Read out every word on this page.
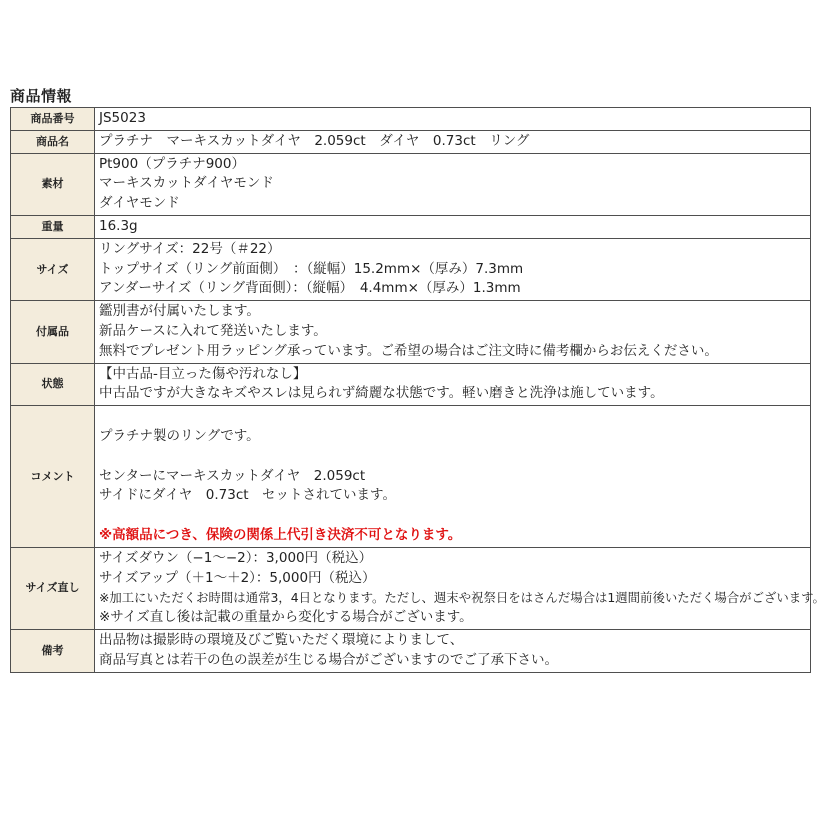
商品情報
商品番号	JS5023

商品名	プラチナ　マーキスカットダイヤ　2.059ct　ダイヤ　0.73ct　リング

素材	Pt900（プラチナ900）
マーキスカットダイヤモンド
ダイヤモンド

重量	16.3g

サイズ	リングサイズ：22号（＃22）
トップサイズ（リング前面側）　：（縦幅）15.2mm×（厚み）7.3mm
アンダーサイズ（リング背面側）：（縦幅）　4.4mm×（厚み）1.3mm

付属品	鑑別書が付属いたします。
新品ケースに入れて発送いたします。
無料でプレゼント用ラッピング承っています。ご希望の場合はご注文時に備考欄からお伝えください。

状態	【中古品-目立った傷や汚れなし】
中古品ですが大きなキズやスレは見られず綺麗な状態です。軽い磨きと洗浄は施しています。

コメント	プラチナ製のリングです。
センターにマーキスカットダイヤ　2.059ct
サイドにダイヤ　0.73ct　セットされています。
※高額品につき、保険の関係上代引き決済不可となります。

サイズ直し	サイズダウン（−1〜−2）：3,000円（税込）
サイズアップ（＋1〜＋2）：5,000円（税込）
※加工にいただくお時間は通常3，4日となります。ただし、週末や祝祭日をはさんだ場合は1週間前後いただく場合がございます。
※サイズ直し後は記載の重量から変化する場合がございます。

備考	出品物は撮影時の環境及びご覧いただく環境によりまして、
商品写真とは若干の色の誤差が生じる場合がございますのでご了承下さい。
